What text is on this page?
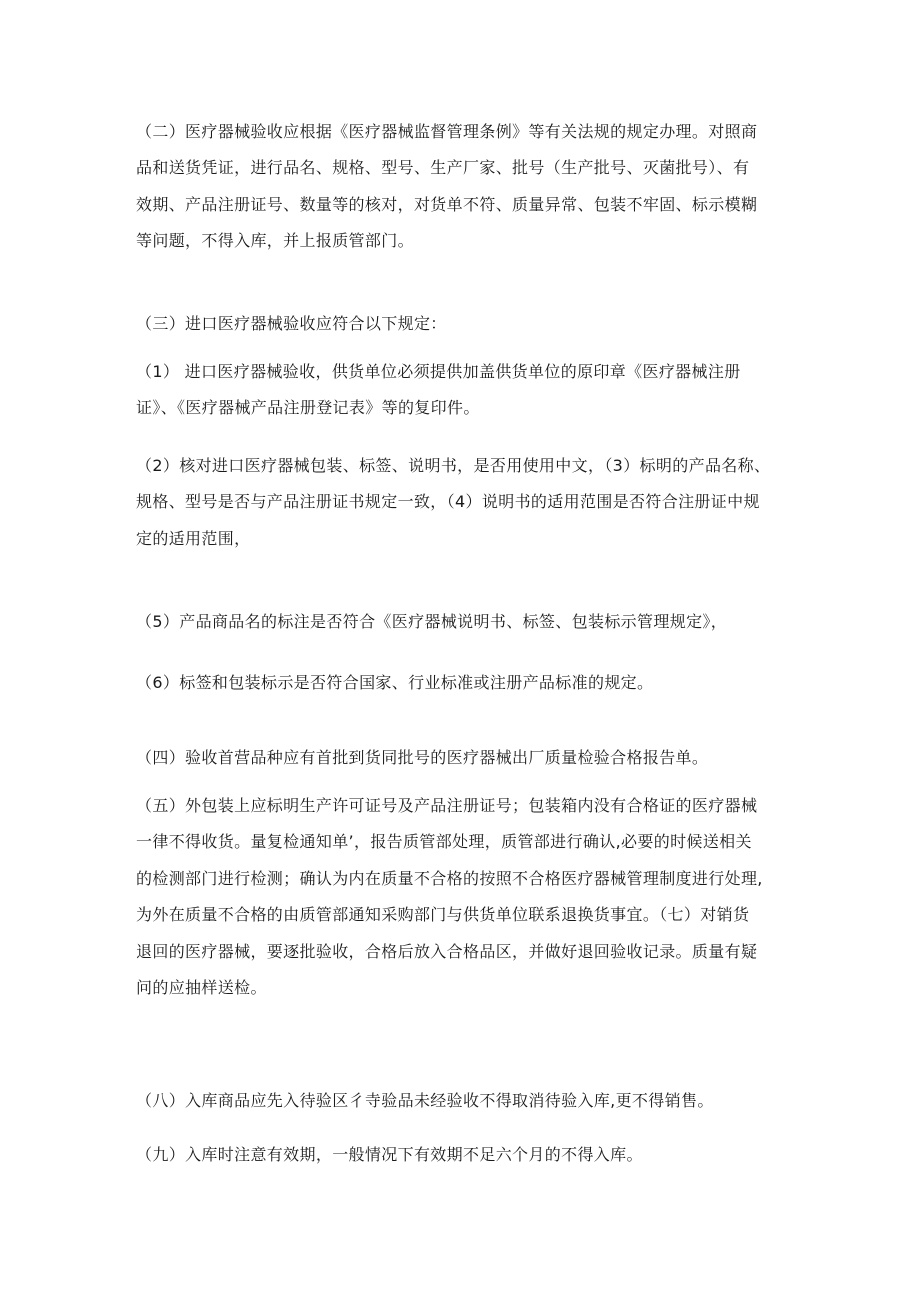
（二）医疗器械验收应根据《医疗器械监督管理条例》等有关法规的规定办理。对照商
品和送货凭证，进行品名、规格、型号、生产厂家、批号（生产批号、灭菌批号）、有
效期、产品注册证号、数量等的核对，对货单不符、质量异常、包装不牢固、标示模糊
等问题，不得入库，并上报质管部门。
（三）进口医疗器械验收应符合以下规定：
（1） 进口医疗器械验收，供货单位必须提供加盖供货单位的原印章《医疗器械注册
证》、《医疗器械产品注册登记表》等的复印件。
（2）核对进口医疗器械包装、标签、说明书，是否用使用中文，（3）标明的产品名称、
规格、型号是否与产品注册证书规定一致，（4）说明书的适用范围是否符合注册证中规
定的适用范围，
（5）产品商品名的标注是否符合《医疗器械说明书、标签、包装标示管理规定》，
（6）标签和包装标示是否符合国家、行业标准或注册产品标准的规定。
（四）验收首营品种应有首批到货同批号的医疗器械出厂质量检验合格报告单。
（五）外包装上应标明生产许可证号及产品注册证号；包装箱内没有合格证的医疗器械
一律不得收货。量复检通知单’，报告质管部处理，质管部进行确认,必要的时候送相关
的检测部门进行检测；确认为内在质量不合格的按照不合格医疗器械管理制度进行处理,
为外在质量不合格的由质管部通知采购部门与供货单位联系退换货事宜。（七）对销货
退回的医疗器械，要逐批验收，合格后放入合格品区，并做好退回验收记录。质量有疑
问的应抽样送检。
（八）入库商品应先入待验区彳寺验品未经验收不得取消待验入库,更不得销售。
（九）入库时注意有效期，一般情况下有效期不足六个月的不得入库。
